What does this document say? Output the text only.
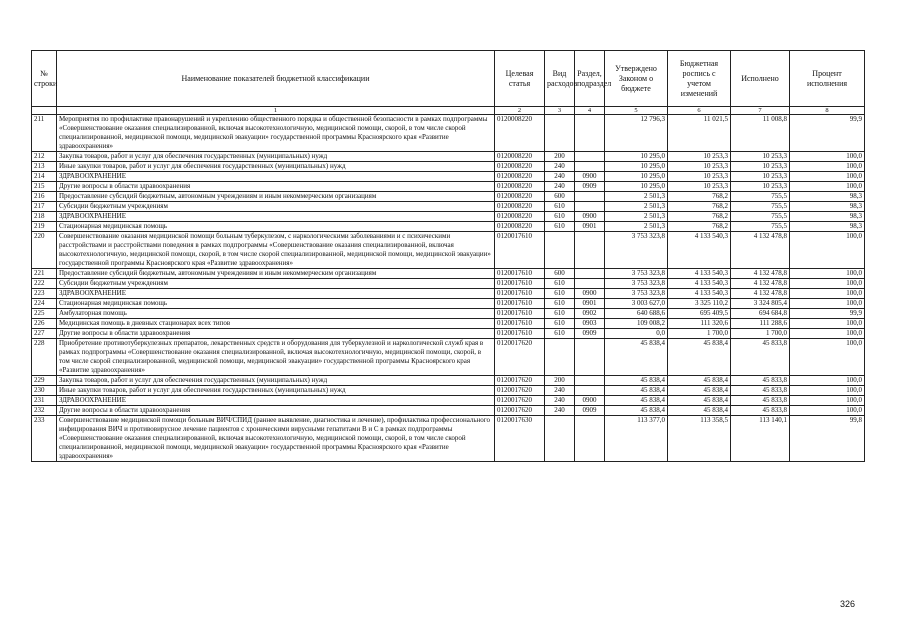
№ строки	Наименование показателей бюджетной классификации	Целевая статья	Вид расходов	Раздел, подраздел	Утверждено Законом о бюджете	Бюджетная роспись с учетом изменений	Исполнено	Процент исполнения
	1	2	3	4	5	6	7	8
211	Мероприятия по профилактике правонарушений и укреплению общественного порядка и общественной безопасности в рамках подпрограммы «Совершенствование оказания специализированной, включая высокотехнологичную, медицинской помощи, скорой, в том числе скорой специализированной, медицинской помощи, медицинской эвакуации» государственной программы Красноярского края «Развитие здравоохранения»	0120008220			12 796,3	11 021,5	11 008,8	99,9
212	Закупка товаров, работ и услуг для обеспечения государственных (муниципальных) нужд	0120008220	200		10 295,0	10 253,3	10 253,3	100,0
213	Иные закупки товаров, работ и услуг для обеспечения государственных (муниципальных) нужд	0120008220	240		10 295,0	10 253,3	10 253,3	100,0
214	ЗДРАВООХРАНЕНИЕ	0120008220	240	0900	10 295,0	10 253,3	10 253,3	100,0
215	Другие вопросы в области здравоохранения	0120008220	240	0909	10 295,0	10 253,3	10 253,3	100,0
216	Предоставление субсидий бюджетным, автономным учреждениям и иным некоммерческим организациям	0120008220	600		2 501,3	768,2	755,5	98,3
217	Субсидии бюджетным учреждениям	0120008220	610		2 501,3	768,2	755,5	98,3
218	ЗДРАВООХРАНЕНИЕ	0120008220	610	0900	2 501,3	768,2	755,5	98,3
219	Стационарная медицинская помощь	0120008220	610	0901	2 501,3	768,2	755,5	98,3
220	Совершенствование оказания медицинской помощи больным туберкулезом, с наркологическими заболеваниями и с психическими расстройствами и расстройствами поведения в рамках подпрограммы «Совершенствование оказания специализированной, включая высокотехнологичную, медицинской помощи, скорой, в том числе скорой специализированной, медицинской помощи, медицинской эвакуации» государственной программы Красноярского края «Развитие здравоохранения»	0120017610			3 753 323,8	4 133 540,3	4 132 478,8	100,0
221	Предоставление субсидий бюджетным, автономным учреждениям и иным некоммерческим организациям	0120017610	600		3 753 323,8	4 133 540,3	4 132 478,8	100,0
222	Субсидии бюджетным учреждениям	0120017610	610		3 753 323,8	4 133 540,3	4 132 478,8	100,0
223	ЗДРАВООХРАНЕНИЕ	0120017610	610	0900	3 753 323,8	4 133 540,3	4 132 478,8	100,0
224	Стационарная медицинская помощь	0120017610	610	0901	3 003 627,0	3 325 110,2	3 324 805,4	100,0
225	Амбулаторная помощь	0120017610	610	0902	640 688,6	695 409,5	694 684,8	99,9
226	Медицинская помощь в дневных стационарах всех типов	0120017610	610	0903	109 008,2	111 320,6	111 288,6	100,0
227	Другие вопросы в области здравоохранения	0120017610	610	0909	0,0	1 700,0	1 700,0	100,0
228	Приобретение противотуберкулезных препаратов, лекарственных средств и оборудования для туберкулезной и наркологической служб края в рамках подпрограммы «Совершенствование оказания специализированной, включая высокотехнологичную, медицинской помощи, скорой, в том числе скорой специализированной, медицинской помощи, медицинской эвакуации» государственной программы Красноярского края «Развитие здравоохранения»	0120017620			45 838,4	45 838,4	45 833,8	100,0
229	Закупка товаров, работ и услуг для обеспечения государственных (муниципальных) нужд	0120017620	200		45 838,4	45 838,4	45 833,8	100,0
230	Иные закупки товаров, работ и услуг для обеспечения государственных (муниципальных) нужд	0120017620	240		45 838,4	45 838,4	45 833,8	100,0
231	ЗДРАВООХРАНЕНИЕ	0120017620	240	0900	45 838,4	45 838,4	45 833,8	100,0
232	Другие вопросы в области здравоохранения	0120017620	240	0909	45 838,4	45 838,4	45 833,8	100,0
233	Совершенствование медицинской помощи больным ВИЧ/СПИД (раннее выявление, диагностика и лечение), профилактика профессионального инфицирования ВИЧ и противовирусное лечение пациентов с хроническими вирусными гепатитами В и С в рамках подпрограммы «Совершенствование оказания специализированной, включая высокотехнологичную, медицинской помощи, скорой, в том числе скорой специализированной, медицинской помощи, медицинской эвакуации» государственной программы Красноярского края «Развитие здравоохранения»	0120017630			113 377,0	113 358,5	113 140,1	99,8
326
